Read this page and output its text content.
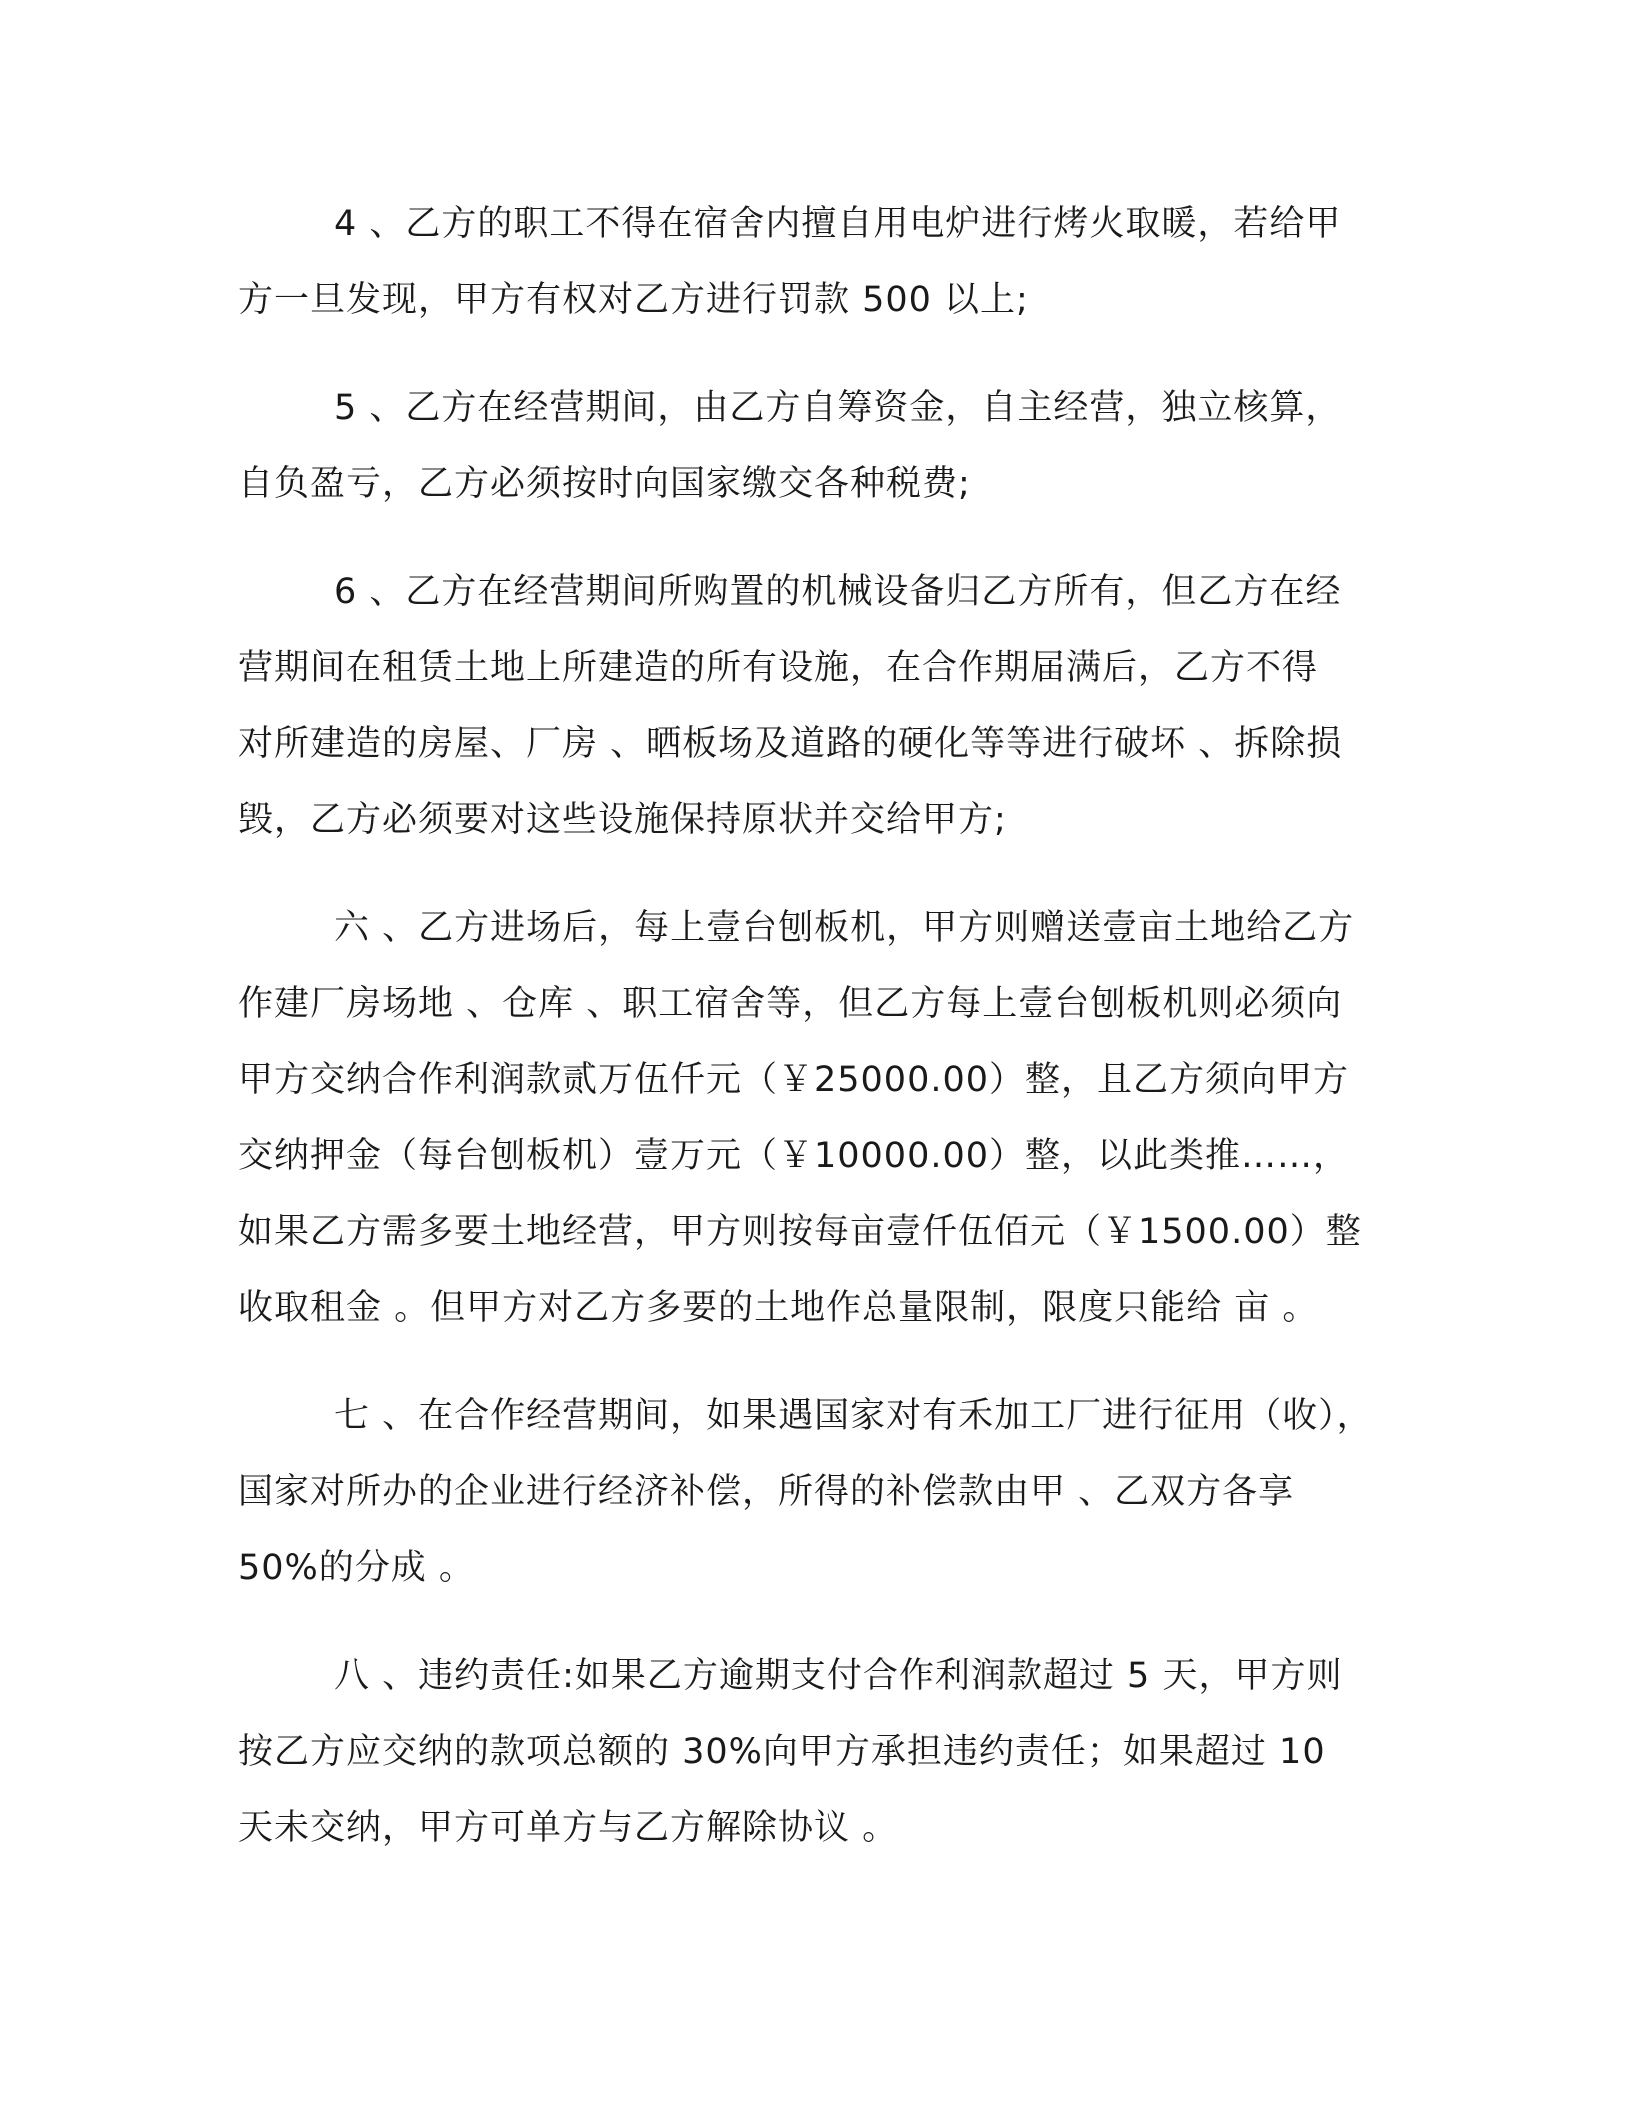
4 、乙方的职工不得在宿舍内擅自用电炉进行烤火取暖，若给甲
方一旦发现，甲方有权对乙方进行罚款 500 以上;

5 、乙方在经营期间，由乙方自筹资金，自主经营，独立核算，
自负盈亏，乙方必须按时向国家缴交各种税费;

6 、乙方在经营期间所购置的机械设备归乙方所有，但乙方在经
营期间在租赁土地上所建造的所有设施，在合作期届满后，乙方不得
对所建造的房屋、厂房 、晒板场及道路的硬化等等进行破坏 、拆除损
毁，乙方必须要对这些设施保持原状并交给甲方;

六 、乙方进场后，每上壹台刨板机，甲方则赠送壹亩土地给乙方
作建厂房场地 、仓库 、职工宿舍等，但乙方每上壹台刨板机则必须向
甲方交纳合作利润款贰万伍仟元（￥25000.00）整，且乙方须向甲方
交纳押金（每台刨板机）壹万元（￥10000.00）整，以此类推……，
如果乙方需多要土地经营，甲方则按每亩壹仟伍佰元（￥1500.00）整
收取租金 。但甲方对乙方多要的土地作总量限制，限度只能给 亩 。

七 、在合作经营期间，如果遇国家对有禾加工厂进行征用（收），
国家对所办的企业进行经济补偿，所得的补偿款由甲 、乙双方各享
50%的分成 。

八 、违约责任:如果乙方逾期支付合作利润款超过 5 天，甲方则
按乙方应交纳的款项总额的 30%向甲方承担违约责任；如果超过 10
天未交纳，甲方可单方与乙方解除协议 。
